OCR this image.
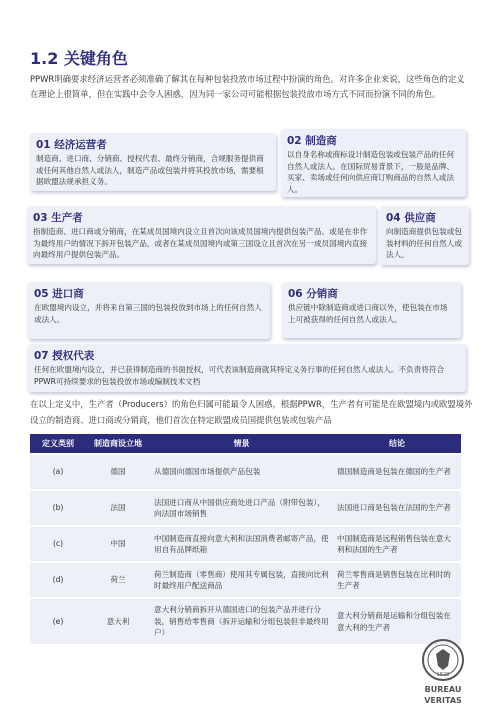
1.2 关键角色
PPWR明确要求经济运营者必须准确了解其在每种包装投放市场过程中扮演的角色。对许多企业来说，这些角色的定义在理论上很简单，但在实践中会令人困惑，因为同一家公司可能根据包装投放市场方式不同而扮演不同的角色。
01 经济运营者
制造商、进口商、分销商、授权代表、最终分销商，合规服务提供商或任何其他自然人或法人，制造产品或包装并将其投放市场，需要根据欧盟法规承担义务。
02 制造商
以自身名称或商标设计制造包装或包装产品的任何自然人或法人。在国际贸易背景下，一般是品牌、买家、卖场或任何向供应商订购商品的自然人或法人。
03 生产者
指制造商、进口商或分销商，在某成员国境内设立且首次向该成员国境内提供包装产品、或是在非作为最终用户的情况下拆开包装产品，或者在某成员国境内或第三国设立且首次在另一成员国境内直接向最终用户提供包装产品。
04 供应商
向制造商提供包装或包装材料的任何自然人或法人。
05 进口商
在欧盟境内设立，并将来自第三国的包装投放到市场上的任何自然人或法人。
06 分销商
供应链中除制造商或进口商以外，使包装在市场上可被获得的任何自然人或法人。
07 授权代表
任何在欧盟境内设立，并已获得制造商的书面授权，可代表该制造商就其特定义务行事的任何自然人或法人。不负责将符合PPWR可持续要求的包装投放市场或编制技术文档
在以上定义中，生产者（Producers）的角色归属可能最令人困惑，根据PPWR，生产者有可能是在欧盟境内或欧盟境外设立的制造商、进口商或分销商，他们首次在特定欧盟成员国提供包装或包装产品
定义类别	制造商设立地	情景	结论
(a)	德国	从德国向德国市场提供产品包装	德国制造商是包装在德国的生产者
(b)	法国	法国进口商从中国供应商处进口产品（附带包装），向法国市场销售	法国进口商是包装在法国的生产者
(c)	中国	中国制造商直接向意大利和法国消费者邮寄产品，使用自有品牌纸箱	中国制造商是远程销售包装在意大利和法国的生产者
(d)	荷兰	荷兰制造商（零售商）使用其专属包装，直接向比利时最终用户配送商品	荷兰零售商是销售包装在比利时的生产者
(e)	意大利	意大利分销商拆开从德国进口的包装产品并进行分装，销售给零售商（拆开运输和分组包装但非最终用户）	意大利分销商是运输和分组包装在意大利的生产者
1828
BUREAU
VERITAS
